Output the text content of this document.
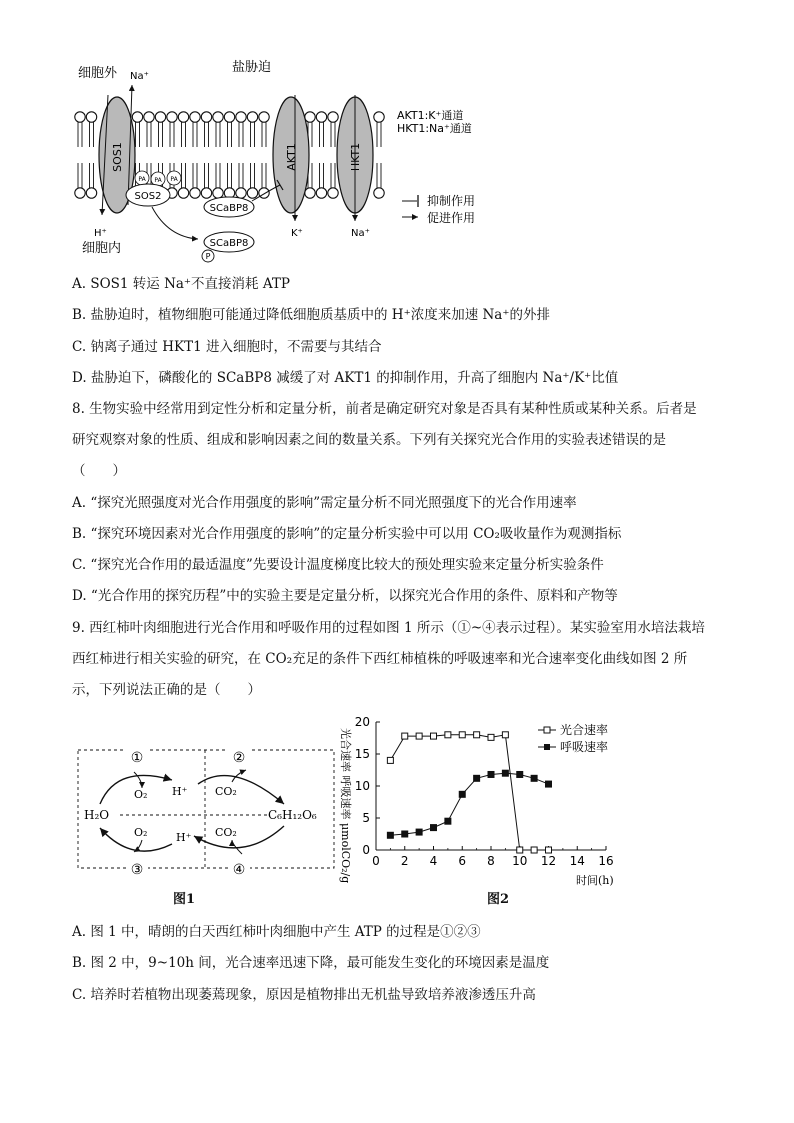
SOS1	AKT1	HKT1
细胞外 Na⁺
盐胁迫
H⁺
细胞内
PA PA PA
SOS2
SCaBP8
SCaBP8
P
K⁺	Na⁺
AKT1:K⁺通道
HKT1:Na⁺通道
抑制作用
促进作用
A. SOS1 转运 Na⁺不直接消耗 ATP
B. 盐胁迫时，植物细胞可能通过降低细胞质基质中的 H⁺浓度来加速 Na⁺的外排
C. 钠离子通过 HKT1 进入细胞时，不需要与其结合
D. 盐胁迫下，磷酸化的 SCaBP8 减缓了对 AKT1 的抑制作用，升高了细胞内 Na⁺/K⁺比值
8. 生物实验中经常用到定性分析和定量分析，前者是确定研究对象是否具有某种性质或某种关系。后者是
研究观察对象的性质、组成和影响因素之间的数量关系。下列有关探究光合作用的实验表述错误的是
（　　）
A. “探究光照强度对光合作用强度的影响”需定量分析不同光照强度下的光合作用速率
B. “探究环境因素对光合作用强度的影响”的定量分析实验中可以用 CO₂吸收量作为观测指标
C. “探究光合作用的最适温度”先要设计温度梯度比较大的预处理实验来定量分析实验条件
D. “光合作用的探究历程”中的实验主要是定量分析，以探究光合作用的条件、原料和产物等
9. 西红柿叶肉细胞进行光合作用和呼吸作用的过程如图 1 所示（①~④表示过程）。某实验室用水培法栽培
西红柿进行相关实验的研究，在 CO₂充足的条件下西红柿植株的呼吸速率和光合速率变化曲线如图 2 所
示，下列说法正确的是（　　）
①	②
③	④
H₂O	C₆H₁₂O₆
O₂ H⁺	CO₂
CO₂
H⁺
O₂
图1
0 2 4 6 8 10 12 14 16
0
5
10
15
20
光合速率 呼吸速率 μmolCO₂/g	时间(h)
光合速率
呼吸速率
图2
A. 图 1 中，晴朗的白天西红柿叶肉细胞中产生 ATP 的过程是①②③
B. 图 2 中，9~10h 间，光合速率迅速下降，最可能发生变化的环境因素是温度
C. 培养时若植物出现萎蔫现象，原因是植物排出无机盐导致培养液渗透压升高
